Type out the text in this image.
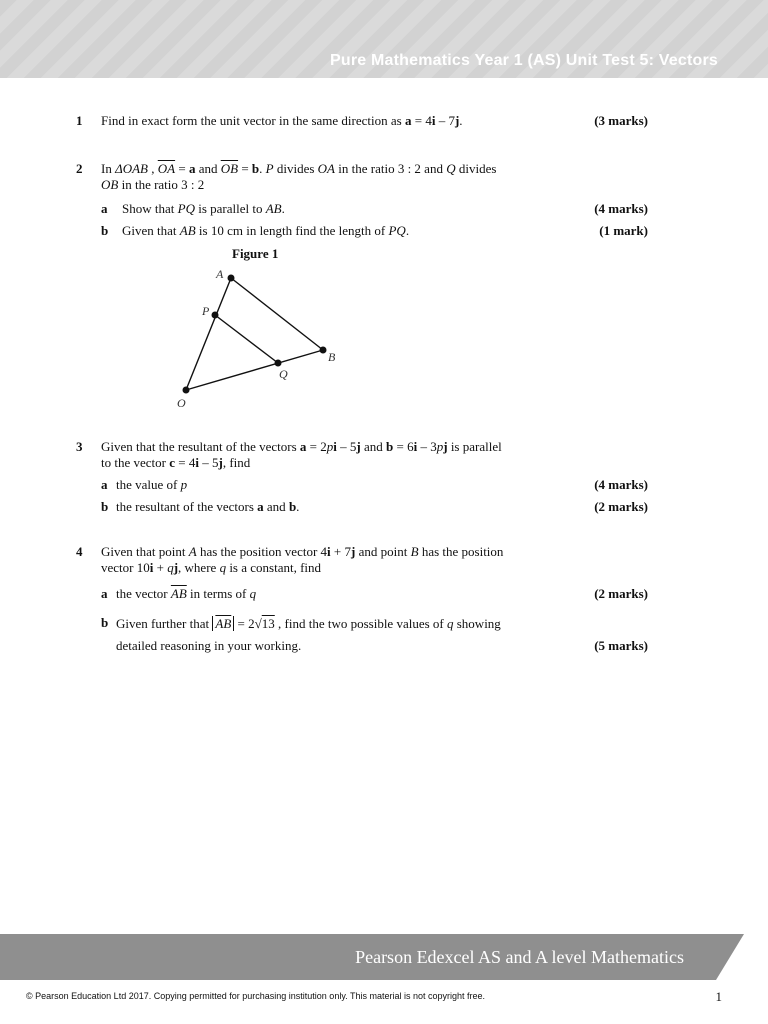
Pure Mathematics Year 1 (AS) Unit Test 5: Vectors
1 Find in exact form the unit vector in the same direction as a = 4i – 7j.	(3 marks)
2 In ΔOAB , $\overline{OA} = a$ and $\overline{OB} = b$. P divides OA in the ratio 3 : 2 and Q divides
OB in the ratio 3 : 2
a Show that PQ is parallel to AB.	(4 marks)
b Given that AB is 10 cm in length find the length of PQ.	(1 mark)
Figure 1
A
P
B
Q
O
3 Given that the resultant of the vectors a = 2pi – 5j and b = 6i – 3pj is parallel
to the vector c = 4i – 5j, find
a the value of p	(4 marks)
b the resultant of the vectors a and b.	(2 marks)
4 Given that point A has the position vector 4i + 7j and point B has the position
vector 10i + qj, where q is a constant, find
a the vector $\overline{AB}$ in terms of q	(2 marks)
b Given further that $\overline{AB} = 2√13$ , find the two possible values of q showing
detailed reasoning in your working.	(5 marks)
Pearson Edexcel AS and A level Mathematics
© Pearson Education Ltd 2017. Copying permitted for purchasing institution only. This material is not copyright free.	1
